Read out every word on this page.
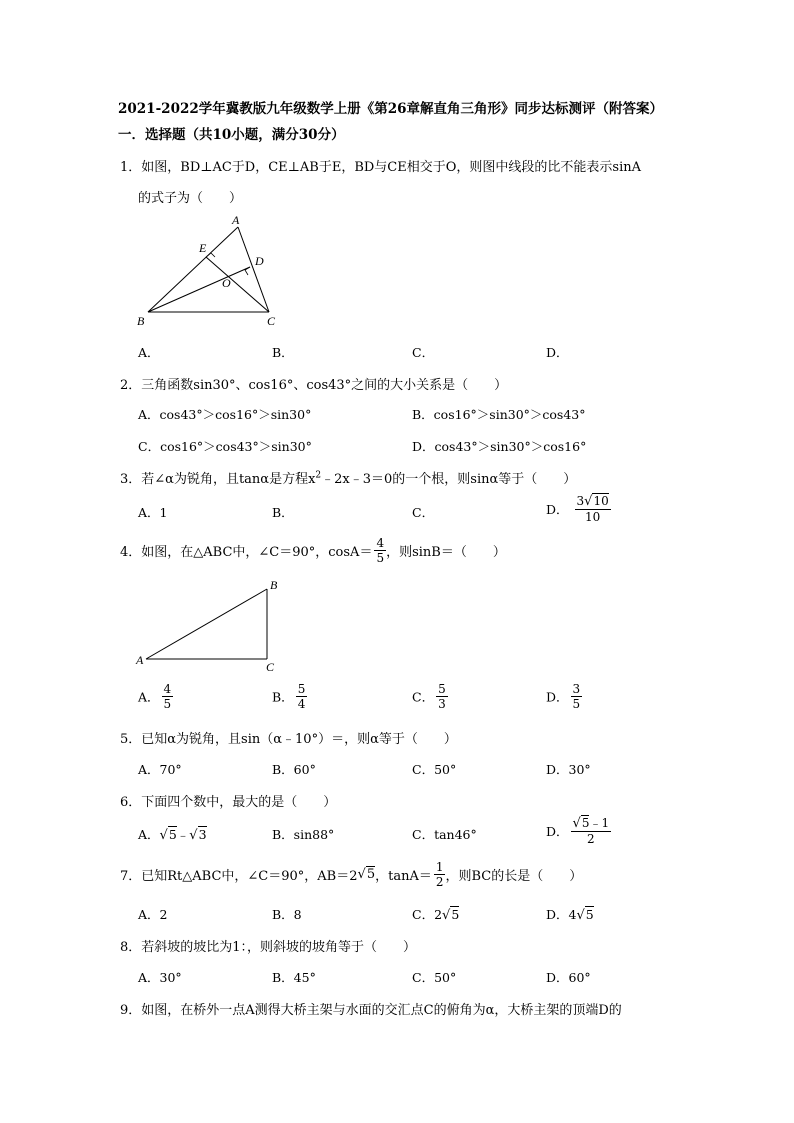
2021-2022学年冀教版九年级数学上册《第26章解直角三角形》同步达标测评（附答案）
一．选择题（共10小题，满分30分）
1．如图，BD⊥AC于D，CE⊥AB于E，BD与CE相交于O，则图中线段的比不能表示sinA
的式子为（　　）
A
E
D
O
B	C
A．	B．	C．	D．
2．三角函数sin30°、cos16°、cos43°之间的大小关系是（　　）
A．cos43°＞cos16°＞sin30°	B．cos16°＞sin30°＞cos43°
C．cos16°＞cos43°＞sin30°	D．cos43°＞sin30°＞cos16°
3．若∠α为锐角，且tanα是方程$x^2﹣2x﹣3=0$的一个根，则sinα等于（　　）
A．1	B．	C．	D． $\frac{3√10}{10}$
4．如图，在△ABC中，∠C＝90°，$\cos A= \frac{4}{5}$ ，则sinB＝（　　）
A
B
C
A． $\frac{4}{5}$	B． $\frac{5}{4}$	C． $\frac{5}{3}$	D． $\frac{3}{5}$
5．已知α为锐角，且sin（α﹣10°）＝，则α等于（　　）
A．70°	B．60°	C．50°	D．30°
6．下面四个数中，最大的是（　　）
A．√5﹣√3	B．sin88°	C．tan46°	D． $\frac{√5﹣1}{2}$
7．已知Rt△ABC中，∠C＝90°，AB＝2√5，$\tan A= \frac{1}{2}$ ，则BC的长是（　　）
A．2	B．8	C．2√5	D．4√5
8．若斜坡的坡比为1：，则斜坡的坡角等于（　　）
A．30°	B．45°	C．50°	D．60°
9．如图，在桥外一点A测得大桥主架与水面的交汇点C的俯角为α，大桥主架的顶端D的
